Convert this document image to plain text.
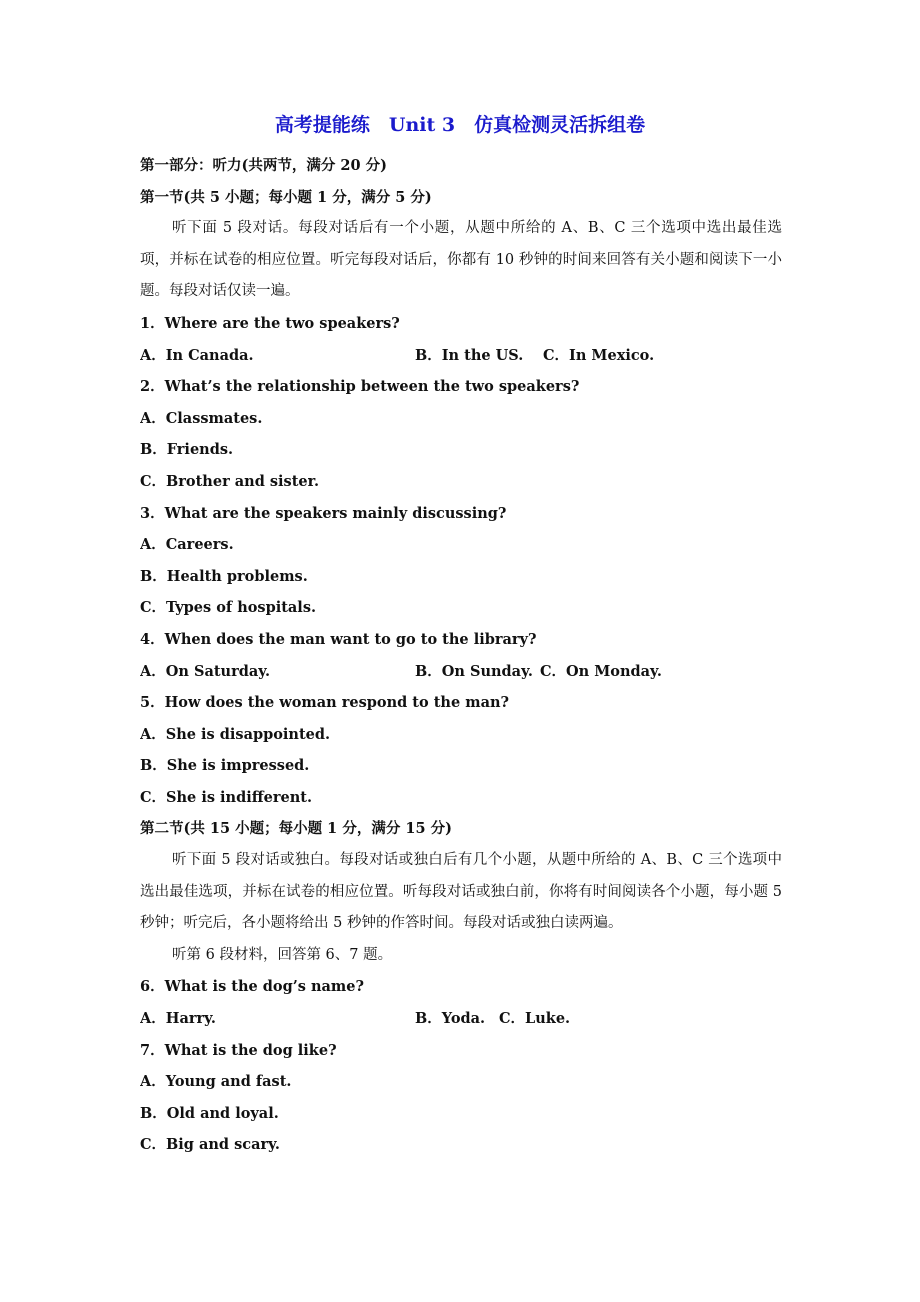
高考提能练　Unit 3　仿真检测灵活拆组卷
第一部分：听力(共两节，满分 20 分)
第一节(共 5 小题；每小题 1 分，满分 5 分)
听下面 5 段对话。每段对话后有一个小题，从题中所给的 A、B、C 三个选项中选出最佳选项，并标在试卷的相应位置。听完每段对话后，你都有 10 秒钟的时间来回答有关小题和阅读下一小题。每段对话仅读一遍。
1．Where are the two speakers?
A．In Canada.	B．In the US. C．In Mexico.
2．What’s the relationship between the two speakers?
A．Classmates.
B．Friends.
C．Brother and sister.
3．What are the speakers mainly discussing?
A．Careers.
B．Health problems.
C．Types of hospitals.
4．When does the man want to go to the library?
A．On Saturday.	B．On Sunday. C．On Monday.
5．How does the woman respond to the man?
A．She is disappointed.
B．She is impressed.
C．She is indifferent.
第二节(共 15 小题；每小题 1 分，满分 15 分)
听下面 5 段对话或独白。每段对话或独白后有几个小题，从题中所给的 A、B、C 三个选项中选出最佳选项，并标在试卷的相应位置。听每段对话或独白前，你将有时间阅读各个小题，每小题 5 秒钟；听完后，各小题将给出 5 秒钟的作答时间。每段对话或独白读两遍。
听第 6 段材料，回答第 6、7 题。
6．What is the dog’s name?
A．Harry.	B．Yoda. C．Luke.
7．What is the dog like?
A．Young and fast.
B．Old and loyal.
C．Big and scary.
